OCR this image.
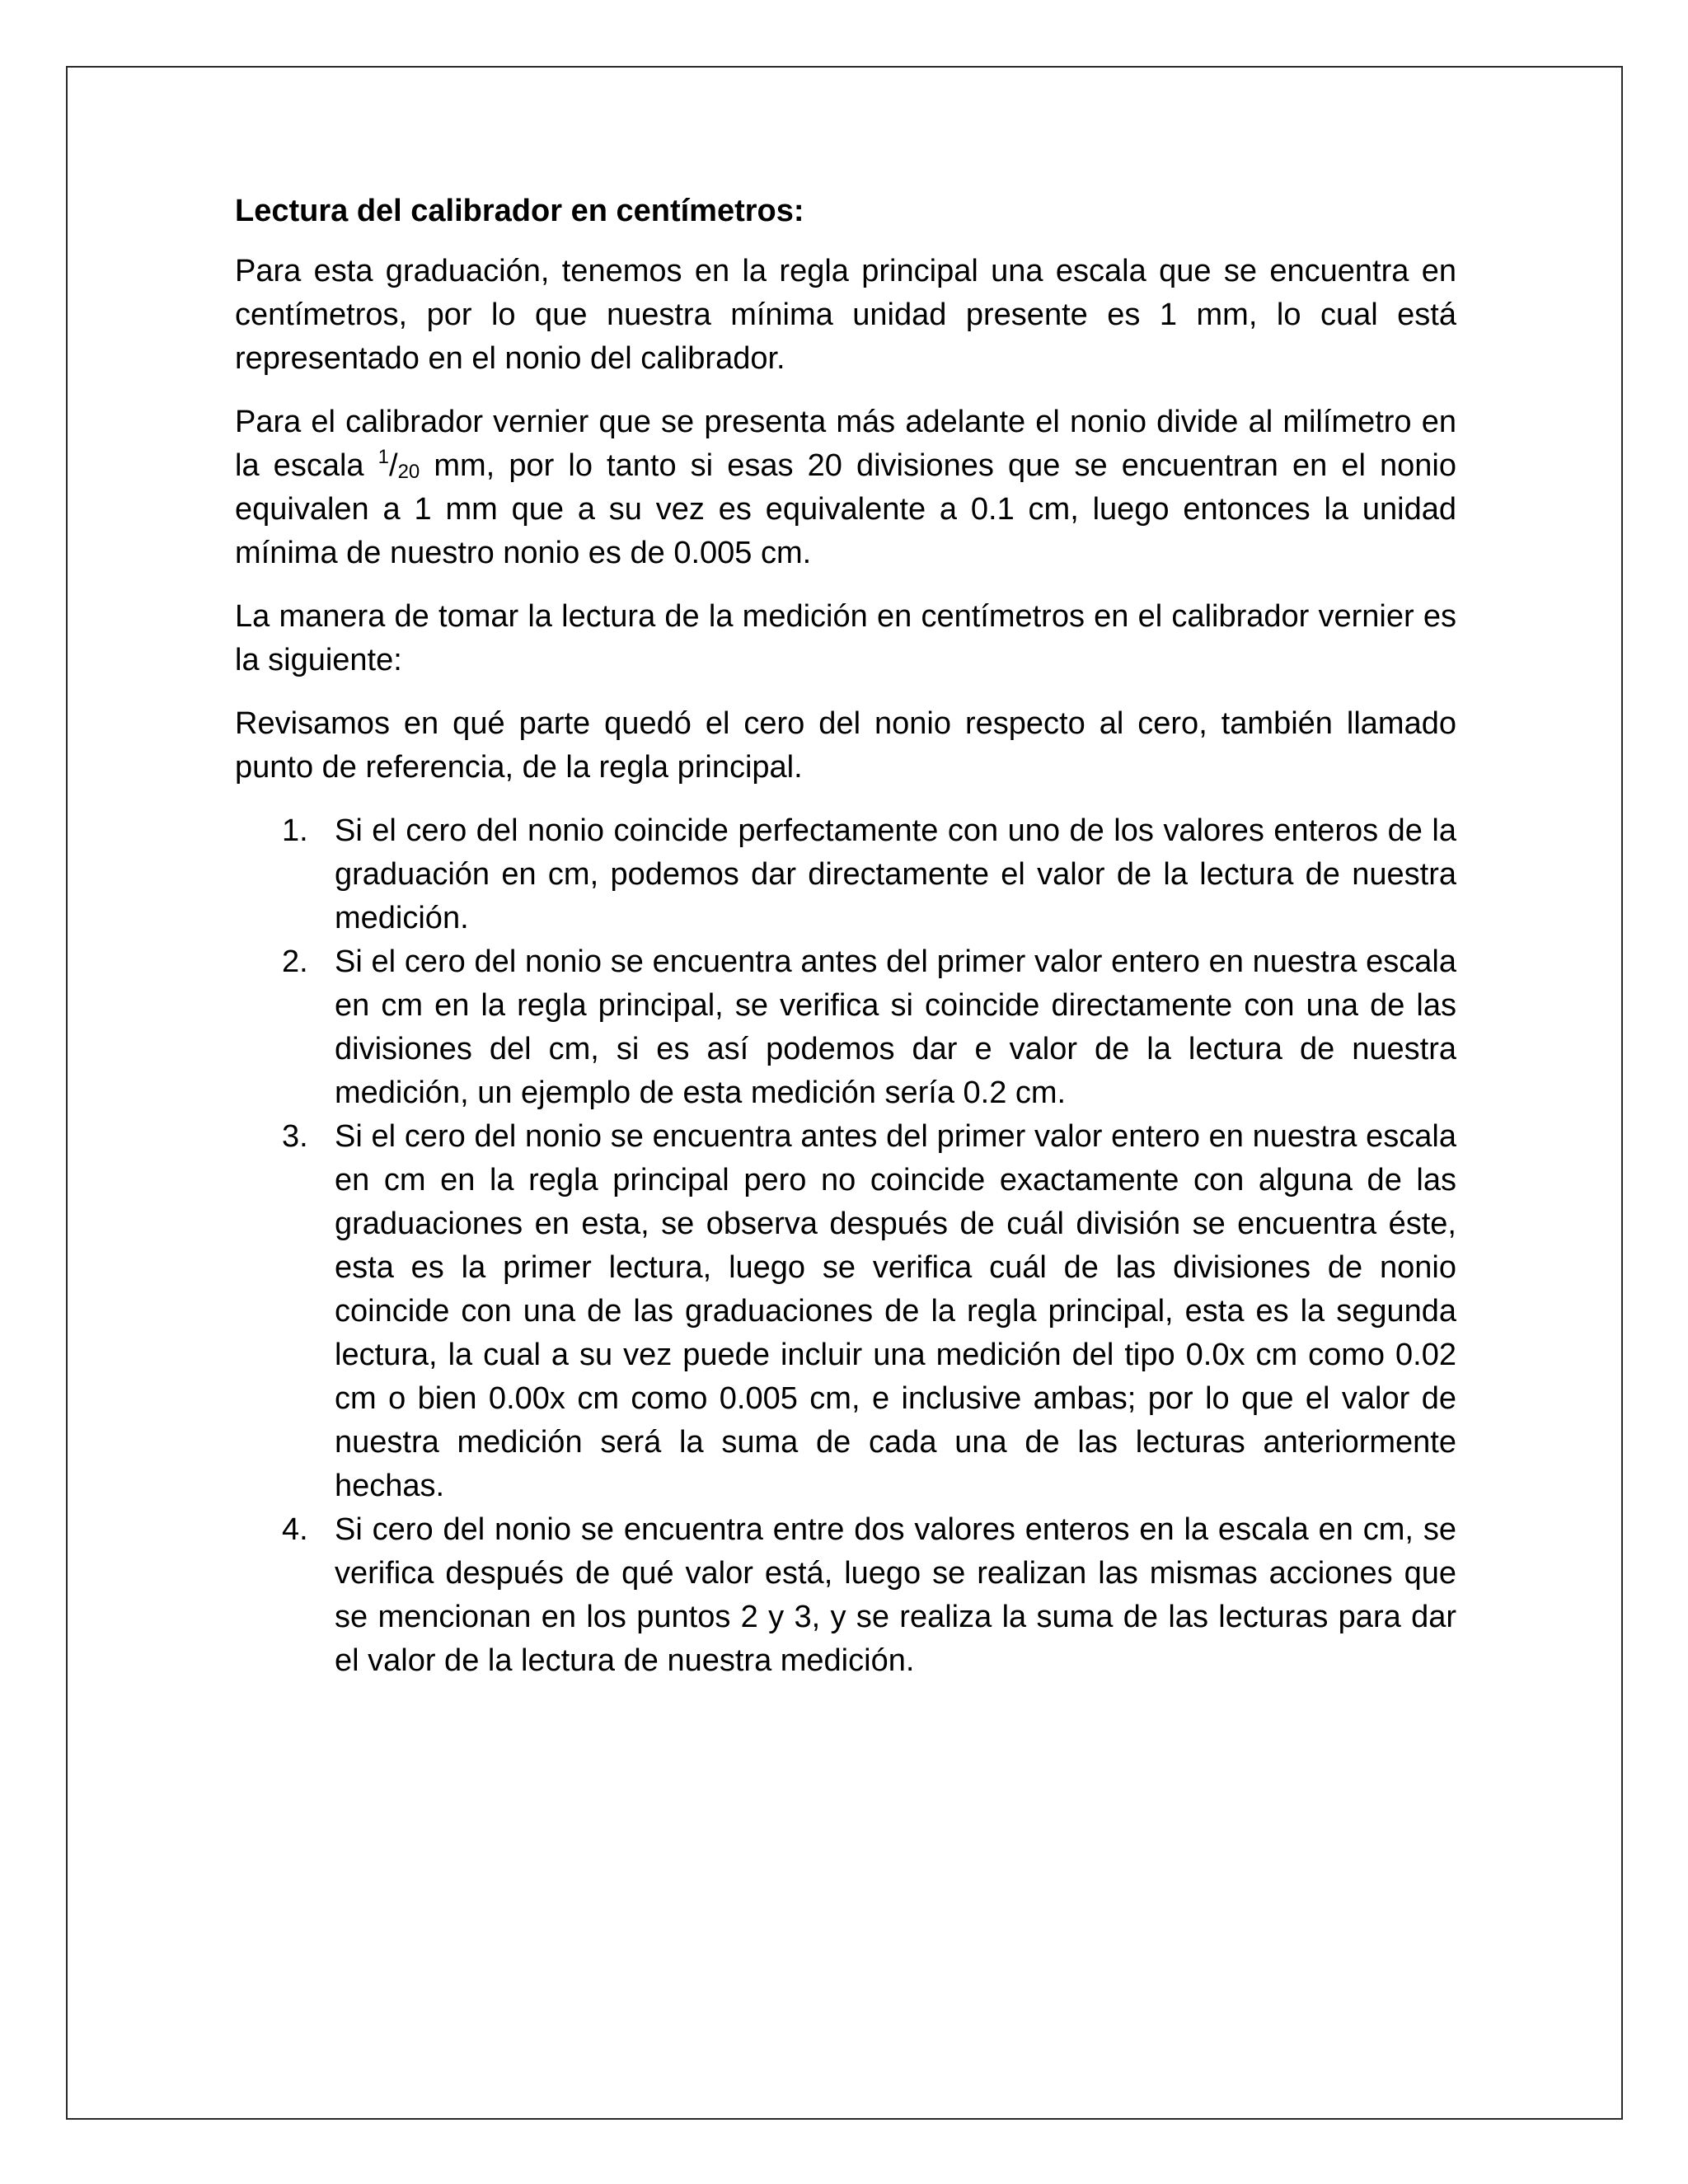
Lectura del calibrador en centímetros:

Para esta graduación, tenemos en la regla principal una escala que se encuentra en centímetros, por lo que nuestra mínima unidad presente es 1 mm, lo cual está representado en el nonio del calibrador.

Para el calibrador vernier que se presenta más adelante el nonio divide al milímetro en la escala $^1$/20 mm, por lo tanto si esas 20 divisiones que se encuentran en el nonio equivalen a 1 mm que a su vez es equivalente a 0.1 cm, luego entonces la unidad mínima de nuestro nonio es de 0.005 cm.

La manera de tomar la lectura de la medición en centímetros en el calibrador vernier es la siguiente:

Revisamos en qué parte quedó el cero del nonio respecto al cero, también llamado punto de referencia, de la regla principal.

1. Si el cero del nonio coincide perfectamente con uno de los valores enteros de la graduación en cm, podemos dar directamente el valor de la lectura de nuestra medición.
2. Si el cero del nonio se encuentra antes del primer valor entero en nuestra escala en cm en la regla principal, se verifica si coincide directamente con una de las divisiones del cm, si es así podemos dar e valor de la lectura de nuestra medición, un ejemplo de esta medición sería 0.2 cm.
3. Si el cero del nonio se encuentra antes del primer valor entero en nuestra escala en cm en la regla principal pero no coincide exactamente con alguna de las graduaciones en esta, se observa después de cuál división se encuentra éste, esta es la primer lectura, luego se verifica cuál de las divisiones de nonio coincide con una de las graduaciones de la regla principal, esta es la segunda lectura, la cual a su vez puede incluir una medición del tipo 0.0x cm como 0.02 cm o bien 0.00x cm como 0.005 cm, e inclusive ambas; por lo que el valor de nuestra medición será la suma de cada una de las lecturas anteriormente hechas.
4. Si cero del nonio se encuentra entre dos valores enteros en la escala en cm, se verifica después de qué valor está, luego se realizan las mismas acciones que se mencionan en los puntos 2 y 3, y se realiza la suma de las lecturas para dar el valor de la lectura de nuestra medición.
